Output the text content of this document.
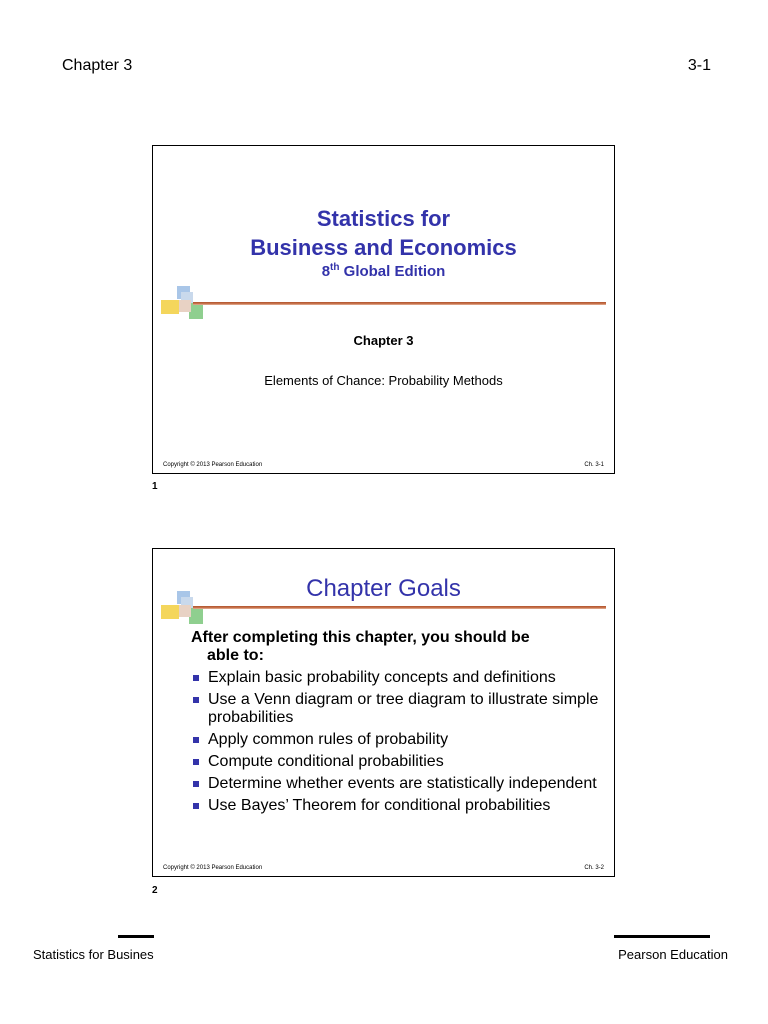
Chapter 3	3-1
Statistics for
Business and Economics
8th Global Edition
Chapter 3
Elements of Chance: Probability Methods
Copyright © 2013 Pearson Education	Ch. 3-1
1
Chapter Goals
After completing this chapter, you should be
able to:
Explain basic probability concepts and definitions
Use a Venn diagram or tree diagram to illustrate simple probabilities
Apply common rules of probability
Compute conditional probabilities
Determine whether events are statistically independent
Use Bayes’ Theorem for conditional probabilities
Copyright © 2013 Pearson Education	Ch. 3-2
2
Statistics for Busines	Pearson Education
